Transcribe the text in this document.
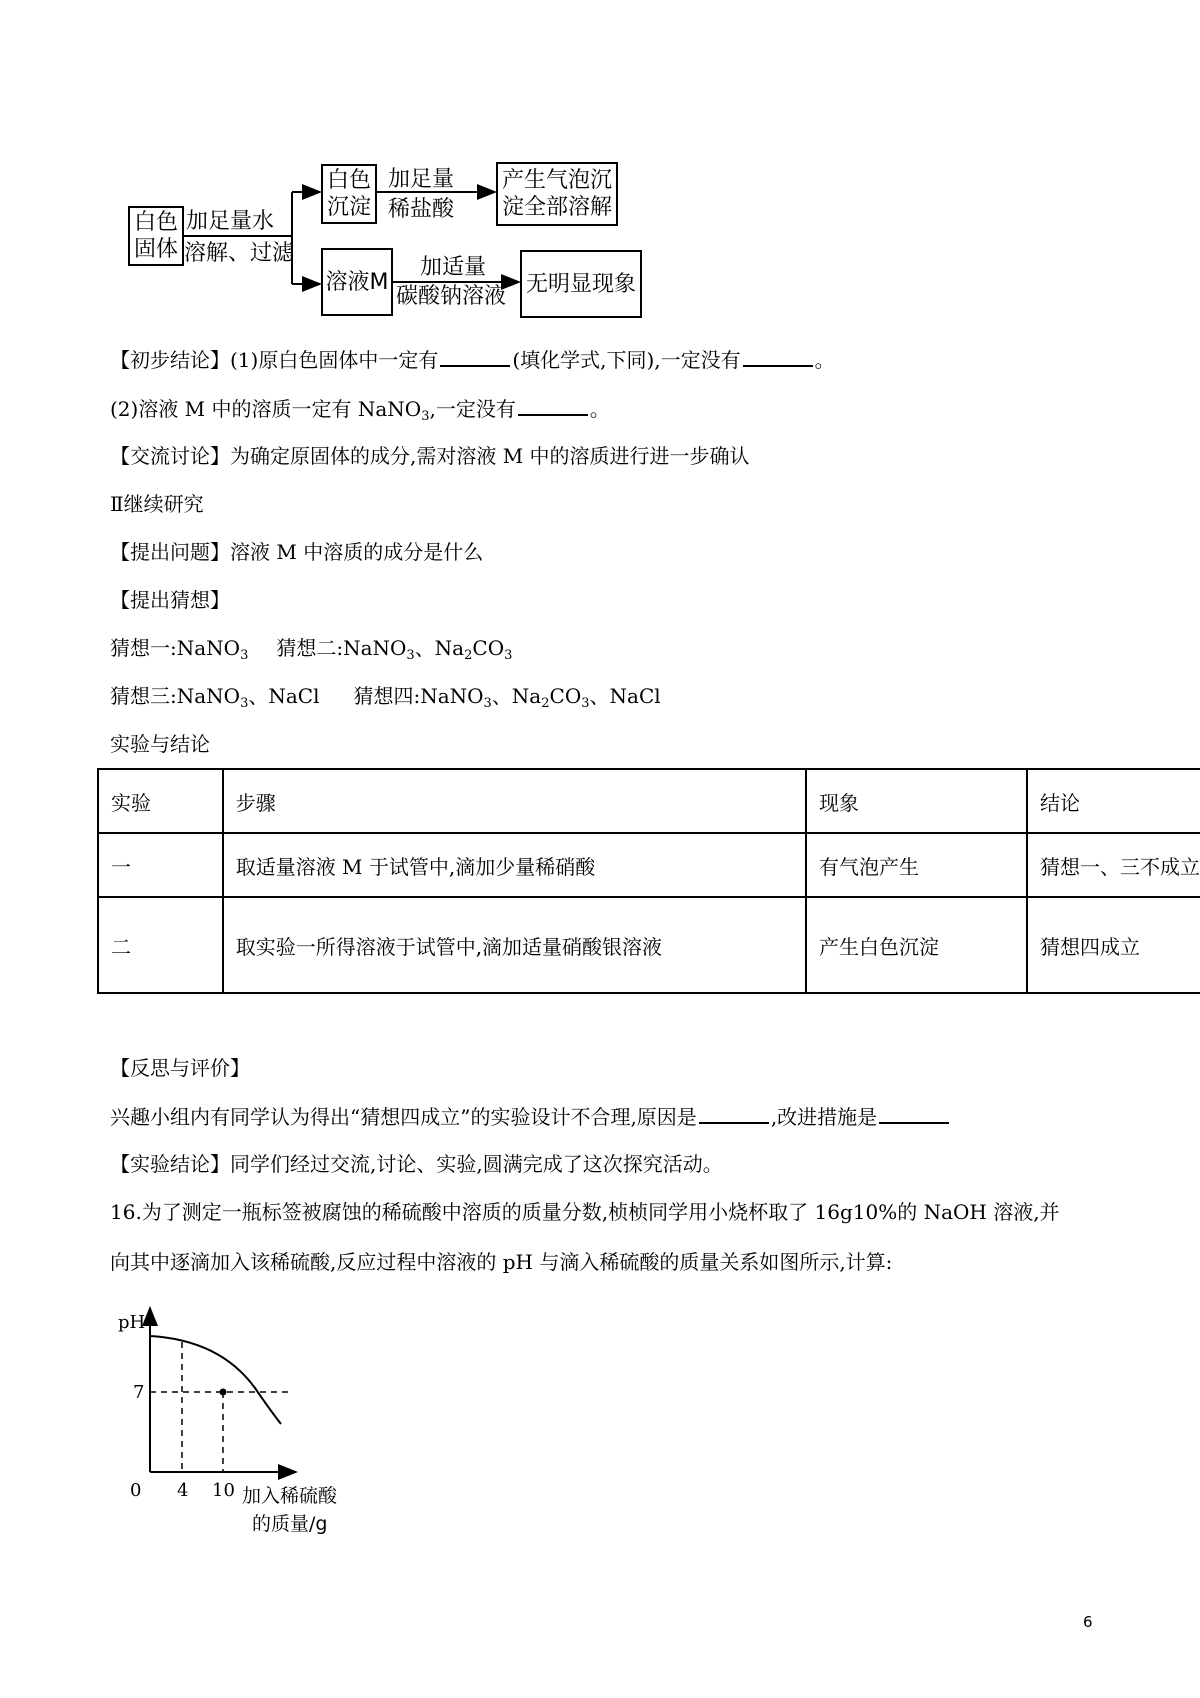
白色
固体
加足量水
溶解、过滤
白色
沉淀
加足量
稀盐酸
产生气泡沉
淀全部溶解
溶液M
加适量
碳酸钠溶液 无明显现象
【初步结论】(1)原白色固体中一定有	(填化学式,下同),一定没有	。
(2)溶液 M 中的溶质一定有 NaNO$_3$,一定没有	。
【交流讨论】为确定原固体的成分,需对溶液 M 中的溶质进行进一步确认
Ⅱ继续研究
【提出问题】溶液 M 中溶质的成分是什么
【提出猜想】
猜想一:NaNO$_3$ 猜想二:NaNO$_3$、$Na_2CO_3$
猜想三:NaNO$_3$、NaCl 猜想四:NaNO$_3$、$Na_2CO_3$、NaCl
实验与结论
实验	步骤	现象	结论
一	取适量溶液 M 于试管中,滴加少量稀硝酸	有气泡产生	猜想一、三不成立
二	取实验一所得溶液于试管中,滴加适量硝酸银溶液	产生白色沉淀	猜想四成立
【反思与评价】
兴趣小组内有同学认为得出“猜想四成立”的实验设计不合理,原因是	,改进措施是
【实验结论】同学们经过交流,讨论、实验,圆满完成了这次探究活动。
16.为了测定一瓶标签被腐蚀的稀硫酸中溶质的质量分数,桢桢同学用小烧杯取了 16g10%的 NaOH 溶液,并
向其中逐滴加入该稀硫酸,反应过程中溶液的 pH 与滴入稀硫酸的质量关系如图所示,计算:
pH
7
0 4 10 加入稀硫酸
的质量/g
6
